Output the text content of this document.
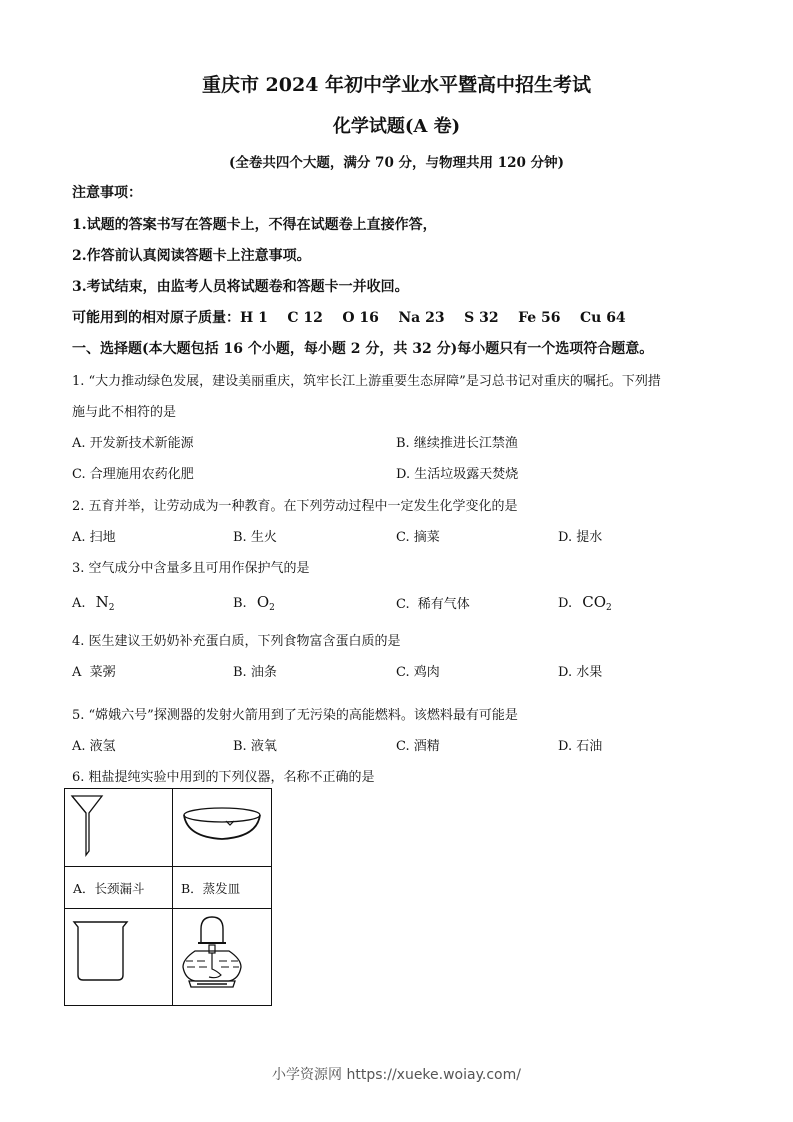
重庆市 2024 年初中学业水平暨高中招生考试
化学试题(A 卷)
(全卷共四个大题，满分 70 分，与物理共用 120 分钟)
注意事项：
1.试题的答案书写在答题卡上，不得在试题卷上直接作答，
2.作答前认真阅读答题卡上注意事项。
3.考试结束，由监考人员将试题卷和答题卡一并收回。
可能用到的相对原子质量：H 1    C 12    O 16    Na 23    S 32    Fe 56    Cu 64
一、选择题(本大题包括 16 个小题，每小题 2 分，共 32 分)每小题只有一个选项符合题意。
1. “大力推动绿色发展，建设美丽重庆，筑牢长江上游重要生态屏障”是习总书记对重庆的嘱托。下列措
施与此不相符的是
A. 开发新技术新能源	B. 继续推进长江禁渔
C. 合理施用农药化肥	D. 生活垃圾露天焚烧
2. 五育并举，让劳动成为一种教育。在下列劳动过程中一定发生化学变化的是
A. 扫地	B. 生火	C. 摘菜	D. 提水
3. 空气成分中含量多且可用作保护气的是
A. $N_2$	B. $O_2$	C. 稀有气体	D. $CO_2$
4. 医生建议王奶奶补充蛋白质，下列食物富含蛋白质的是
A  菜粥	B. 油条	C. 鸡肉	D. 水果
5. “嫦娥六号”探测器的发射火箭用到了无污染的高能燃料。该燃料最有可能是
A. 液氢	B. 液氧	C. 酒精	D. 石油
6. 粗盐提纯实验中用到的下列仪器，名称不正确的是

A．长颈漏斗	B．蒸发皿

小学资源网 https://xueke.woiay.com/
